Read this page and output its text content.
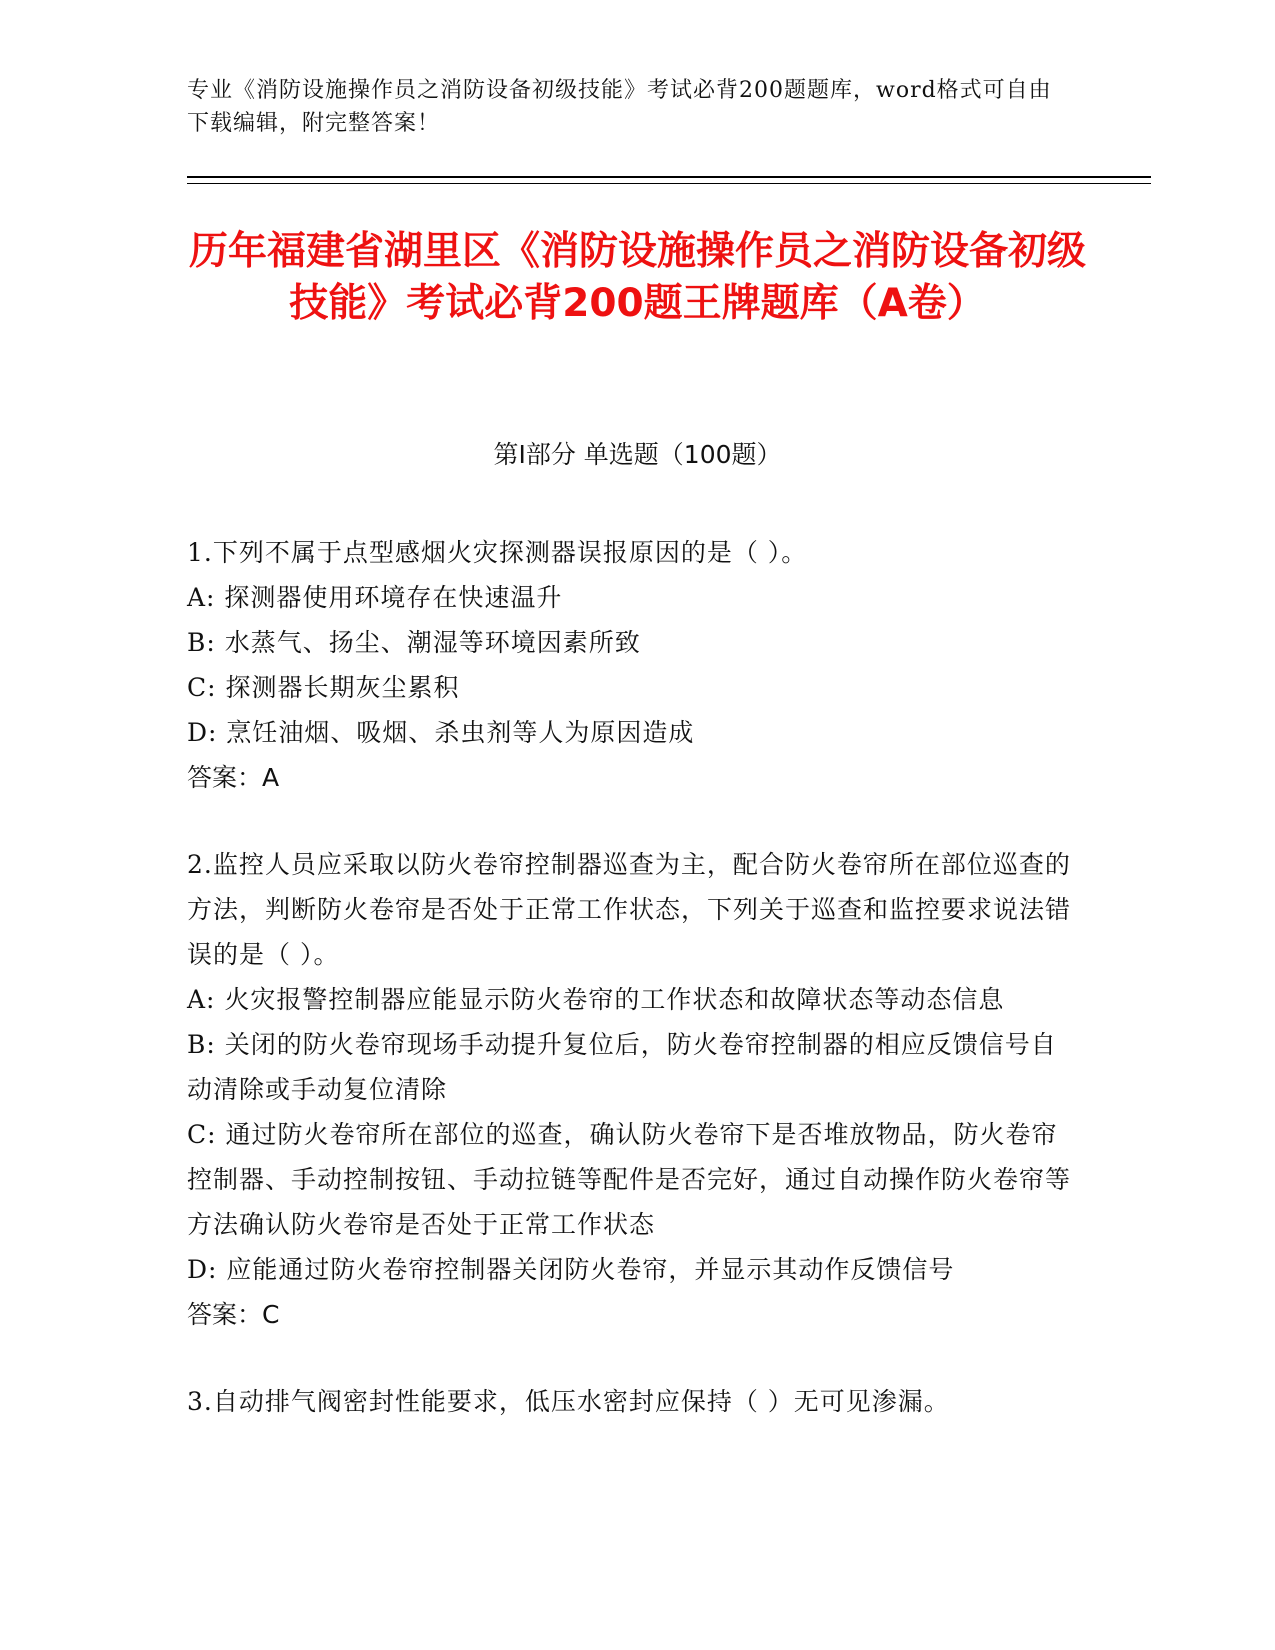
专业《消防设施操作员之消防设备初级技能》考试必背200题题库，word格式可自由下载编辑，附完整答案！
历年福建省湖里区《消防设施操作员之消防设备初级技能》考试必背200题王牌题库（A卷）
第I部分 单选题（100题）
1.下列不属于点型感烟火灾探测器误报原因的是（ ）。
A: 探测器使用环境存在快速温升
B: 水蒸气、扬尘、潮湿等环境因素所致
C: 探测器长期灰尘累积
D: 烹饪油烟、吸烟、杀虫剂等人为原因造成
答案：A
2.监控人员应采取以防火卷帘控制器巡查为主，配合防火卷帘所在部位巡查的方法，判断防火卷帘是否处于正常工作状态，下列关于巡查和监控要求说法错误的是（ ）。
A: 火灾报警控制器应能显示防火卷帘的工作状态和故障状态等动态信息
B: 关闭的防火卷帘现场手动提升复位后，防火卷帘控制器的相应反馈信号自动清除或手动复位清除
C: 通过防火卷帘所在部位的巡查，确认防火卷帘下是否堆放物品，防火卷帘控制器、手动控制按钮、手动拉链等配件是否完好，通过自动操作防火卷帘等方法确认防火卷帘是否处于正常工作状态
D: 应能通过防火卷帘控制器关闭防火卷帘，并显示其动作反馈信号
答案：C
3.自动排气阀密封性能要求，低压水密封应保持（ ）无可见渗漏。
